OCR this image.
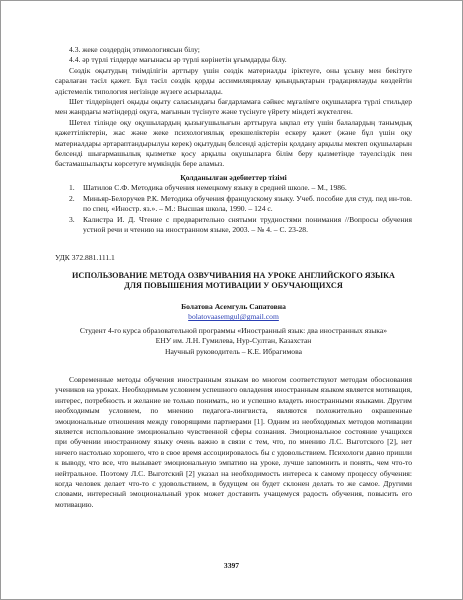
4.3. жеке сөздердің этимологиясын білу;

4.4. әр түрлі тілдерде мағынасы әр түрлі көрінетін ұғымдарды білу.

Сөздік оқытудың тиімділігін арттыру үшін сөздік материалды іріктеуге, оны ұсыну мен бекітуге саралаған тәсіл қажет. Бұл тәсіл сөздік қорды ассимиляциялау қиындықтарын градациялауды көздейтін әдістемелік типология негізінде жүзеге асырылады.

Шет тілдеріндегі оқыды оқыту саласындағы бағдарламаға сәйкес мұғалімге оқушыларға түрлі стильдер мен жанрдағы мәтіндерді оқуға, мағынын түсінуге және түсінуге үйрету міндеті жүктелген.

Шетел тілінде оқу оқушылардың қызығушылығын арттыруға ықпал ету үшін балалардың танымдық қажеттіліктерін, жас және жеке психологиялық ерекшеліктерін ескеру қажет (және бұл үшін оқу материалдары әртараптандырылуы керек) оқытудың белсенді әдістерін қолдану арқылы мектеп оқушыларын белсенді шығармашылық қызметке қосу арқылы оқушыларға білім беру қызметінде тәуелсіздік пен бастамашылықты көрсетуге мүмкіндік бере аламыз.

Қолданылған әдебиеттер тізімі

1.	Шатилов С.Ф. Методика обучения немецкому языку в средней школе. – М., 1986.
2.	Миньяр-Белоручев Р.К. Методика обучения французскому языку. Учеб. пособие для студ. пед ин-тов. по спец. «Иностр. яз.». – М.: Высшая школа, 1990. – 124 с.
3.	Калистра И. Д. Чтение с предварительно снятыми трудностями понимания //Вопросы обучения устной речи и чтению на иностранном языке, 2003. – № 4. – С. 23-28.

УДК 372.881.111.1

ИСПОЛЬЗОВАНИЕ МЕТОДА ОЗВУЧИВАНИЯ НА УРОКЕ АНГЛИЙСКОГО ЯЗЫКА ДЛЯ ПОВЫШЕНИЯ МОТИВАЦИИ У ОБУЧАЮЩИХСЯ

Болатова Асемгуль Сапатовна

bolatovaasemgul@gmail.com

Студент 4-го курса образовательной программы «Иностранный язык: два иностранных языка» ЕНУ им. Л.Н. Гумилева, Нур-Султан, Казахстан

Научный руководитель – К.Е. Ибрагимова

Современные методы обучения иностранным языкам во многом соответствуют методам обоснования учеников на уроках. Необходимым условием успешного овладения иностранным языком является мотивация, интерес, потребность и желание не только понимать, но и успешно владеть иностранными языками. Другим необходимым условием, по мнению педагога-лингвиста, являются положительно окрашенные эмоциональные отношения между говорящими партнерами [1]. Одним из необходимых методов мотивации является использование эмоционально чувственной сферы сознания. Эмоциональное состояние учащихся при обучении иностранному языку очень важно в связи с тем, что, по мнению Л.С. Выготского [2], нет ничего настолько хорошего, что в свое время ассоциировалось бы с удовольствием. Психологи давно пришли к выводу, что все, что вызывает эмоциональную эмпатию на уроке, лучше запомнить и понять, чем что-то нейтральное. Поэтому Л.С. Выготский [2] указал на необходимость интереса к самому процессу обучения: когда человек делает что-то с удовольствием, в будущем он будет склонен делать то же самое. Другими словами, интересный эмоциональный урок может доставить учащемуся радость обучения, повысить его мотивацию.

3397
